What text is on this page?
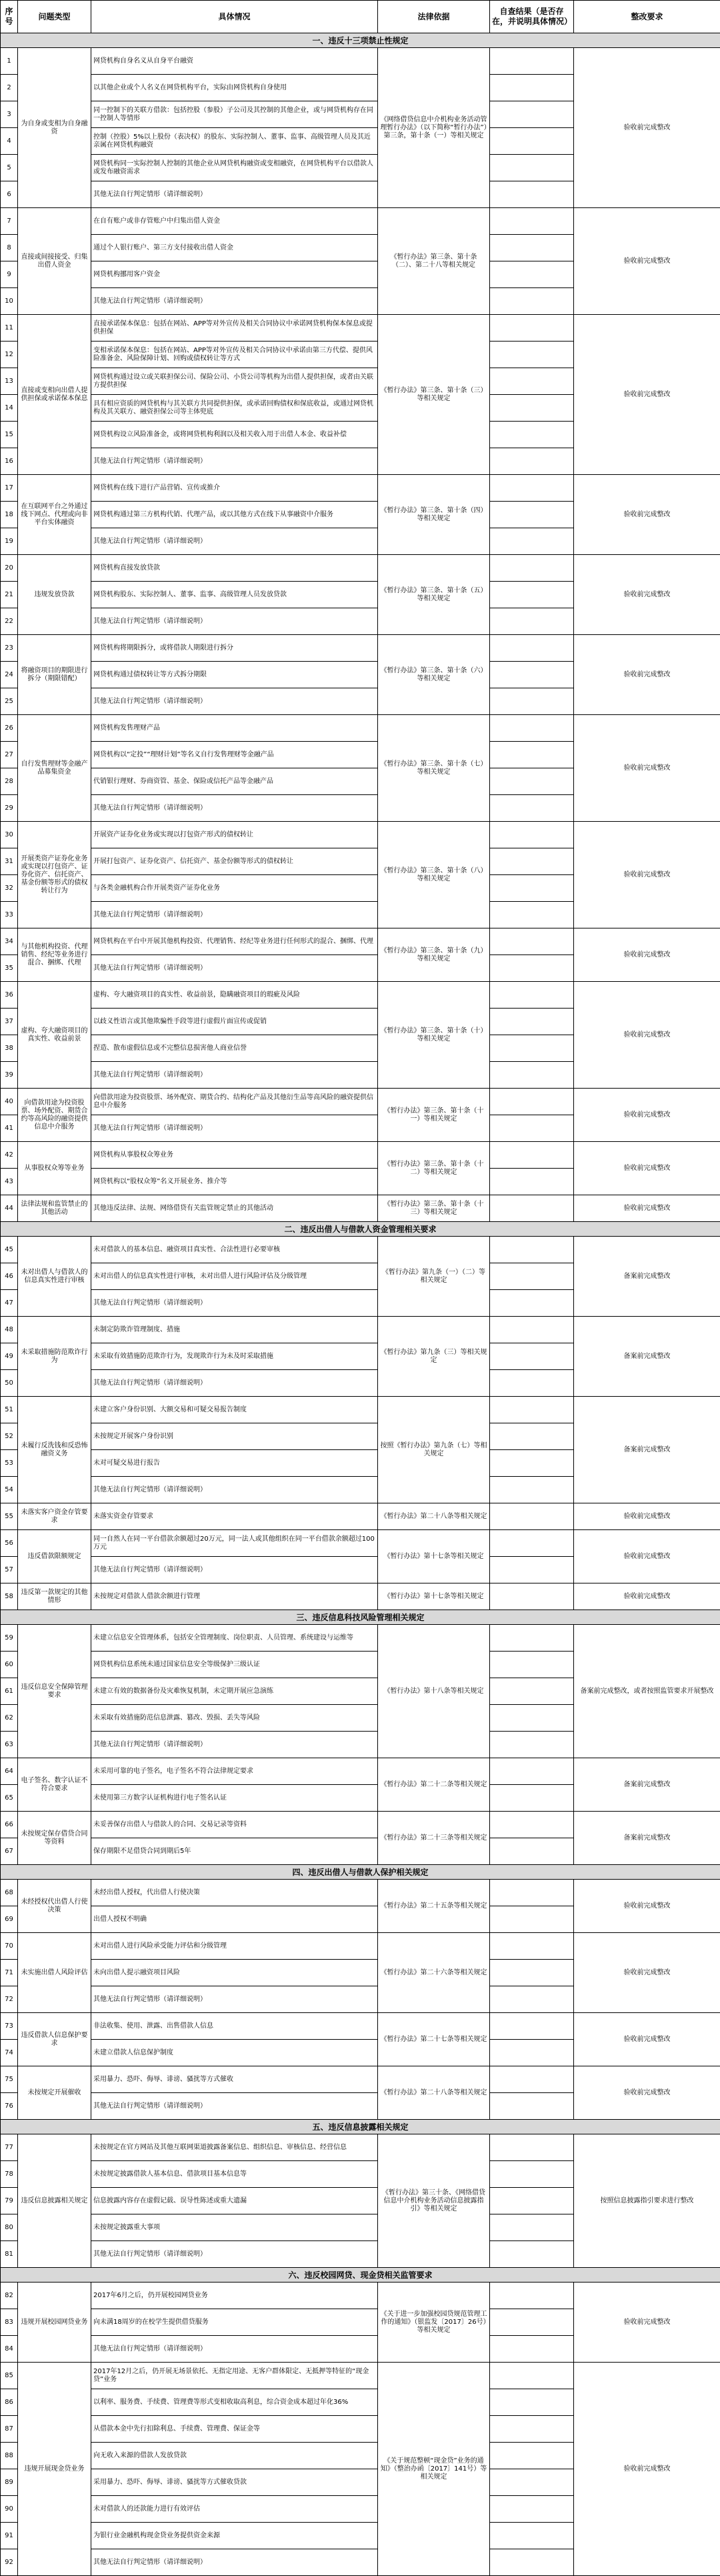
序号	问题类型	具体情况	法律依据	自查结果（是否存在，并说明具体情况）	整改要求
一、违反十三项禁止性规定					
1	为自身或变相为自身融资	网贷机构自身名义从自身平台融资	《网络借贷信息中介机构业务活动管理暂行办法》（以下简称“暂行办法”）第三条，第十条（一）等相关规定		验收前完成整改
2		以其他企业或个人名义在网贷机构平台，实际由网贷机构自身使用			
3		同一控制下的关联方借款：包括控股（参股）子公司及其控制的其他企业，或与网贷机构存在同一控制人等情形			
4		控制（控股）5%以上股份（表决权）的股东、实际控制人、董事、监事、高级管理人员及其近亲属在网贷机构融资			
5		网贷机构同一实际控制人控制的其他企业从网贷机构融资或变相融资，在网贷机构平台以借款人或发布融资需求			
6		其他无法自行判定情形（请详细说明）			
7	直接或间接接受、归集出借人资金	在自有账户或非存管账户中归集出借人资金	《暂行办法》第三条、第十条（二）、第二十八等相关规定		验收前完成整改
8		通过个人银行账户、第三方支付接收出借人资金			
9		网贷机构挪用客户资金			
10		其他无法自行判定情形（请详细说明）			
11	直接或变相向出借人提供担保或承诺保本保息	直接承诺保本保息：包括在网站、APP等对外宣传及相关合同协议中承诺网贷机构保本保息或提供担保	《暂行办法》第三条、第十条（三）等相关规定		验收前完成整改
12		变相承诺保本保息：包括在网站、APP等对外宣传及相关合同协议中承诺由第三方代偿、提供风险准备金、风险保障计划、回购或债权转让等方式			
13		网贷机构通过设立或关联担保公司、保险公司、小贷公司等机构为出借人提供担保，或者由关联方提供担保			
14		具有相应资质的网贷机构与其关联方共同提供担保，或承诺回购债权和保底收益，或通过网贷机构及其关联方、融资担保公司等主体兜底			
15		网贷机构设立风险准备金，或将网贷机构利润以及相关收入用于出借人本金、收益补偿			
16		其他无法自行判定情形（请详细说明）			
17	在互联网平台之外通过线下网点、代理或向非平台实体融资	网贷机构在线下进行产品营销、宣传或推介	《暂行办法》第三条、第十条（四）等相关规定		验收前完成整改
18		网贷机构通过第三方机构代销、代理产品，或以其他方式在线下从事融资中介服务			
19		其他无法自行判定情形（请详细说明）			
20	违规发放贷款	网贷机构直接发放贷款	《暂行办法》第三条、第十条（五）等相关规定		验收前完成整改
21		网贷机构股东、实际控制人、董事、监事、高级管理人员发放贷款			
22		其他无法自行判定情形（请详细说明）			
23	将融资项目的期限进行拆分（期限错配）	网贷机构将期限拆分，或将借款人期限进行拆分	《暂行办法》第三条、第十条（六）等相关规定		验收前完成整改
24		网贷机构通过债权转让等方式拆分期限			
25		其他无法自行判定情形（请详细说明）			
26	自行发售理财等金融产品募集资金	网贷机构发售理财产品	《暂行办法》第三条、第十条（七）等相关规定		验收前完成整改
27		网贷机构以“定投”“理财计划”等名义自行发售理财等金融产品			
28		代销银行理财、券商资管、基金、保险或信托产品等金融产品			
29		其他无法自行判定情形（请详细说明）			
30	开展类资产证券化业务或实现以打包资产、证券化资产、信托资产、基金份额等形式的债权转让行为	开展资产证券化业务或实现以打包资产形式的债权转让	《暂行办法》第三条、第十条（八）等相关规定		验收前完成整改
31		开展打包资产、证券化资产、信托资产、基金份额等形式的债权转让			
32		与各类金融机构合作开展类资产证券化业务			
33		其他无法自行判定情形（请详细说明）			
34	与其他机构投资、代理销售、经纪等业务进行混合、捆绑、代理	网贷机构在平台中开展其他机构投资、代理销售、经纪等业务进行任何形式的混合、捆绑、代理	《暂行办法》第三条、第十条（九）等相关规定		验收前完成整改
35		其他无法自行判定情形（请详细说明）			
36	虚构、夸大融资项目的真实性、收益前景	虚构、夸大融资项目的真实性、收益前景，隐瞒融资项目的瑕疵及风险	《暂行办法》第三条、第十条（十）等相关规定		验收前完成整改
37		以歧义性语言或其他欺骗性手段等进行虚假片面宣传或促销			
38		捏造、散布虚假信息或不完整信息损害他人商业信誉			
39		其他无法自行判定情形（请详细说明）			
40	向借款用途为投资股票、场外配资、期货合约等高风险的融资提供信息中介服务	向借款用途为投资股票、场外配资、期货合约、结构化产品及其他衍生品等高风险的融资提供信息中介服务	《暂行办法》第三条、第十条（十一）等相关规定		验收前完成整改
41		其他无法自行判定情形（请详细说明）			
42	从事股权众筹等业务	网贷机构从事股权众筹业务	《暂行办法》第三条、第十条（十二）等相关规定		验收前完成整改
43		网贷机构以“股权众筹”名义开展业务、推介等			
44	法律法规和监管禁止的其他活动	其他违反法律、法规、网络借贷有关监管规定禁止的其他活动	《暂行办法》第三条、第十条（十三）等相关规定		验收前完成整改
二、违反出借人与借款人资金管理相关要求					
45	未对出借人与借款人的信息真实性进行审核	未对借款人的基本信息、融资项目真实性、合法性进行必要审核	《暂行办法》第九条（一）（二）等相关规定		备案前完成整改
46		未对出借人的信息真实性进行审核，未对出借人进行风险评估及分级管理			
47		其他无法自行判定情形（请详细说明）			
48	未采取措施防范欺诈行为	未制定防欺诈管理制度、措施	《暂行办法》第九条（三）等相关规定		备案前完成整改
49		未采取有效措施防范欺诈行为，发现欺诈行为未及时采取措施			
50		其他无法自行判定情形（请详细说明）			
51	未履行反洗钱和反恐怖融资义务	未建立客户身份识别、大额交易和可疑交易报告制度	按照《暂行办法》第九条（七）等相关规定		备案前完成整改
52		未按规定开展客户身份识别			
53		未对可疑交易进行报告			
54		其他无法自行判定情形（请详细说明）			
55	未落实客户资金存管要求	未落实资金存管要求	《暂行办法》第二十八条等相关规定		验收前完成整改
56	违反借款限额规定	同一自然人在同一平台借款余额超过20万元，同一法人或其他组织在同一平台借款余额超过100万元	《暂行办法》第十七条等相关规定		验收前完成整改
57		其他无法自行判定情形（请详细说明）			
58	违反第一款规定的其他情形	未按规定对借款人借款余额进行管理	《暂行办法》第十七条等相关规定		验收前完成整改
三、违反信息科技风险管理相关规定					
59	违反信息安全保障管理要求	未建立信息安全管理体系，包括安全管理制度、岗位职责、人员管理、系统建设与运维等	《暂行办法》第十八条等相关规定		备案前完成整改，或者按照监管要求开展整改
60		网贷机构信息系统未通过国家信息安全等级保护三级认证			
61		未建立有效的数据备份及灾难恢复机制，未定期开展应急演练			
62		未采取有效措施防范信息泄露、篡改、毁损、丢失等风险			
63		其他无法自行判定情形（请详细说明）			
64	电子签名、数字认证不符合要求	未采用可靠的电子签名，电子签名不符合法律规定要求	《暂行办法》第二十二条等相关规定		备案前完成整改
65		未使用第三方数字认证机构进行电子签名认证			
66	未按规定保存借贷合同等资料	未妥善保存出借人与借款人的合同、交易记录等资料	《暂行办法》第二十三条等相关规定		备案前完成整改
67		保存期限不足借贷合同到期后5年			
四、违反出借人与借款人保护相关规定					
68	未经授权代出借人行使决策	未经出借人授权，代出借人行使决策	《暂行办法》第二十五条等相关规定		验收前完成整改
69		出借人授权不明确			
70	未实施出借人风险评估	未对出借人进行风险承受能力评估和分级管理	《暂行办法》第二十六条等相关规定		验收前完成整改
71		未向出借人提示融资项目风险			
72		其他无法自行判定情形（请详细说明）			
73	违反借款人信息保护要求	非法收集、使用、泄露、出售借款人信息	《暂行办法》第二十七条等相关规定		验收前完成整改
74		未建立借款人信息保护制度			
75	未按规定开展催收	采用暴力、恐吓、侮辱、诽谤、骚扰等方式催收	《暂行办法》第二十八条等相关规定		验收前完成整改
76		其他无法自行判定情形（请详细说明）			
五、违反信息披露相关规定					
77	违反信息披露相关规定	未按规定在官方网站及其他互联网渠道披露备案信息、组织信息、审核信息、经营信息	《暂行办法》第三十条、《网络借贷信息中介机构业务活动信息披露指引》等相关规定		按照信息披露指引要求进行整改
78		未按规定披露借款人基本信息、借款项目基本信息等			
79		信息披露内容存在虚假记载、误导性陈述或重大遗漏			
80		未按规定披露重大事项			
81		其他无法自行判定情形（请详细说明）			
六、违反校园网贷、现金贷相关监管要求					
82	违规开展校园网贷业务	2017年6月之后，仍开展校园网贷业务	《关于进一步加强校园贷规范管理工作的通知》（银监发〔2017〕26号）等相关规定		验收前完成整改
83		向未满18周岁的在校学生提供借贷服务			
84		其他无法自行判定情形（请详细说明）			
85	违规开展现金贷业务	2017年12月之后，仍开展无场景依托、无指定用途、无客户群体限定、无抵押等特征的“现金贷”业务	《关于规范整顿“现金贷”业务的通知》（整治办函〔2017〕141号）等相关规定		验收前完成整改
86		以利率、服务费、手续费、管理费等形式变相收取高利息，综合资金成本超过年化36%			
87		从借款本金中先行扣除利息、手续费、管理费、保证金等			
88		向无收入来源的借款人发放贷款			
89		采用暴力、恐吓、侮辱、诽谤、骚扰等方式催收贷款			
90		未对借款人的还款能力进行有效评估			
91		为银行业金融机构现金贷业务提供资金来源			
92		其他无法自行判定情形（请详细说明）			
